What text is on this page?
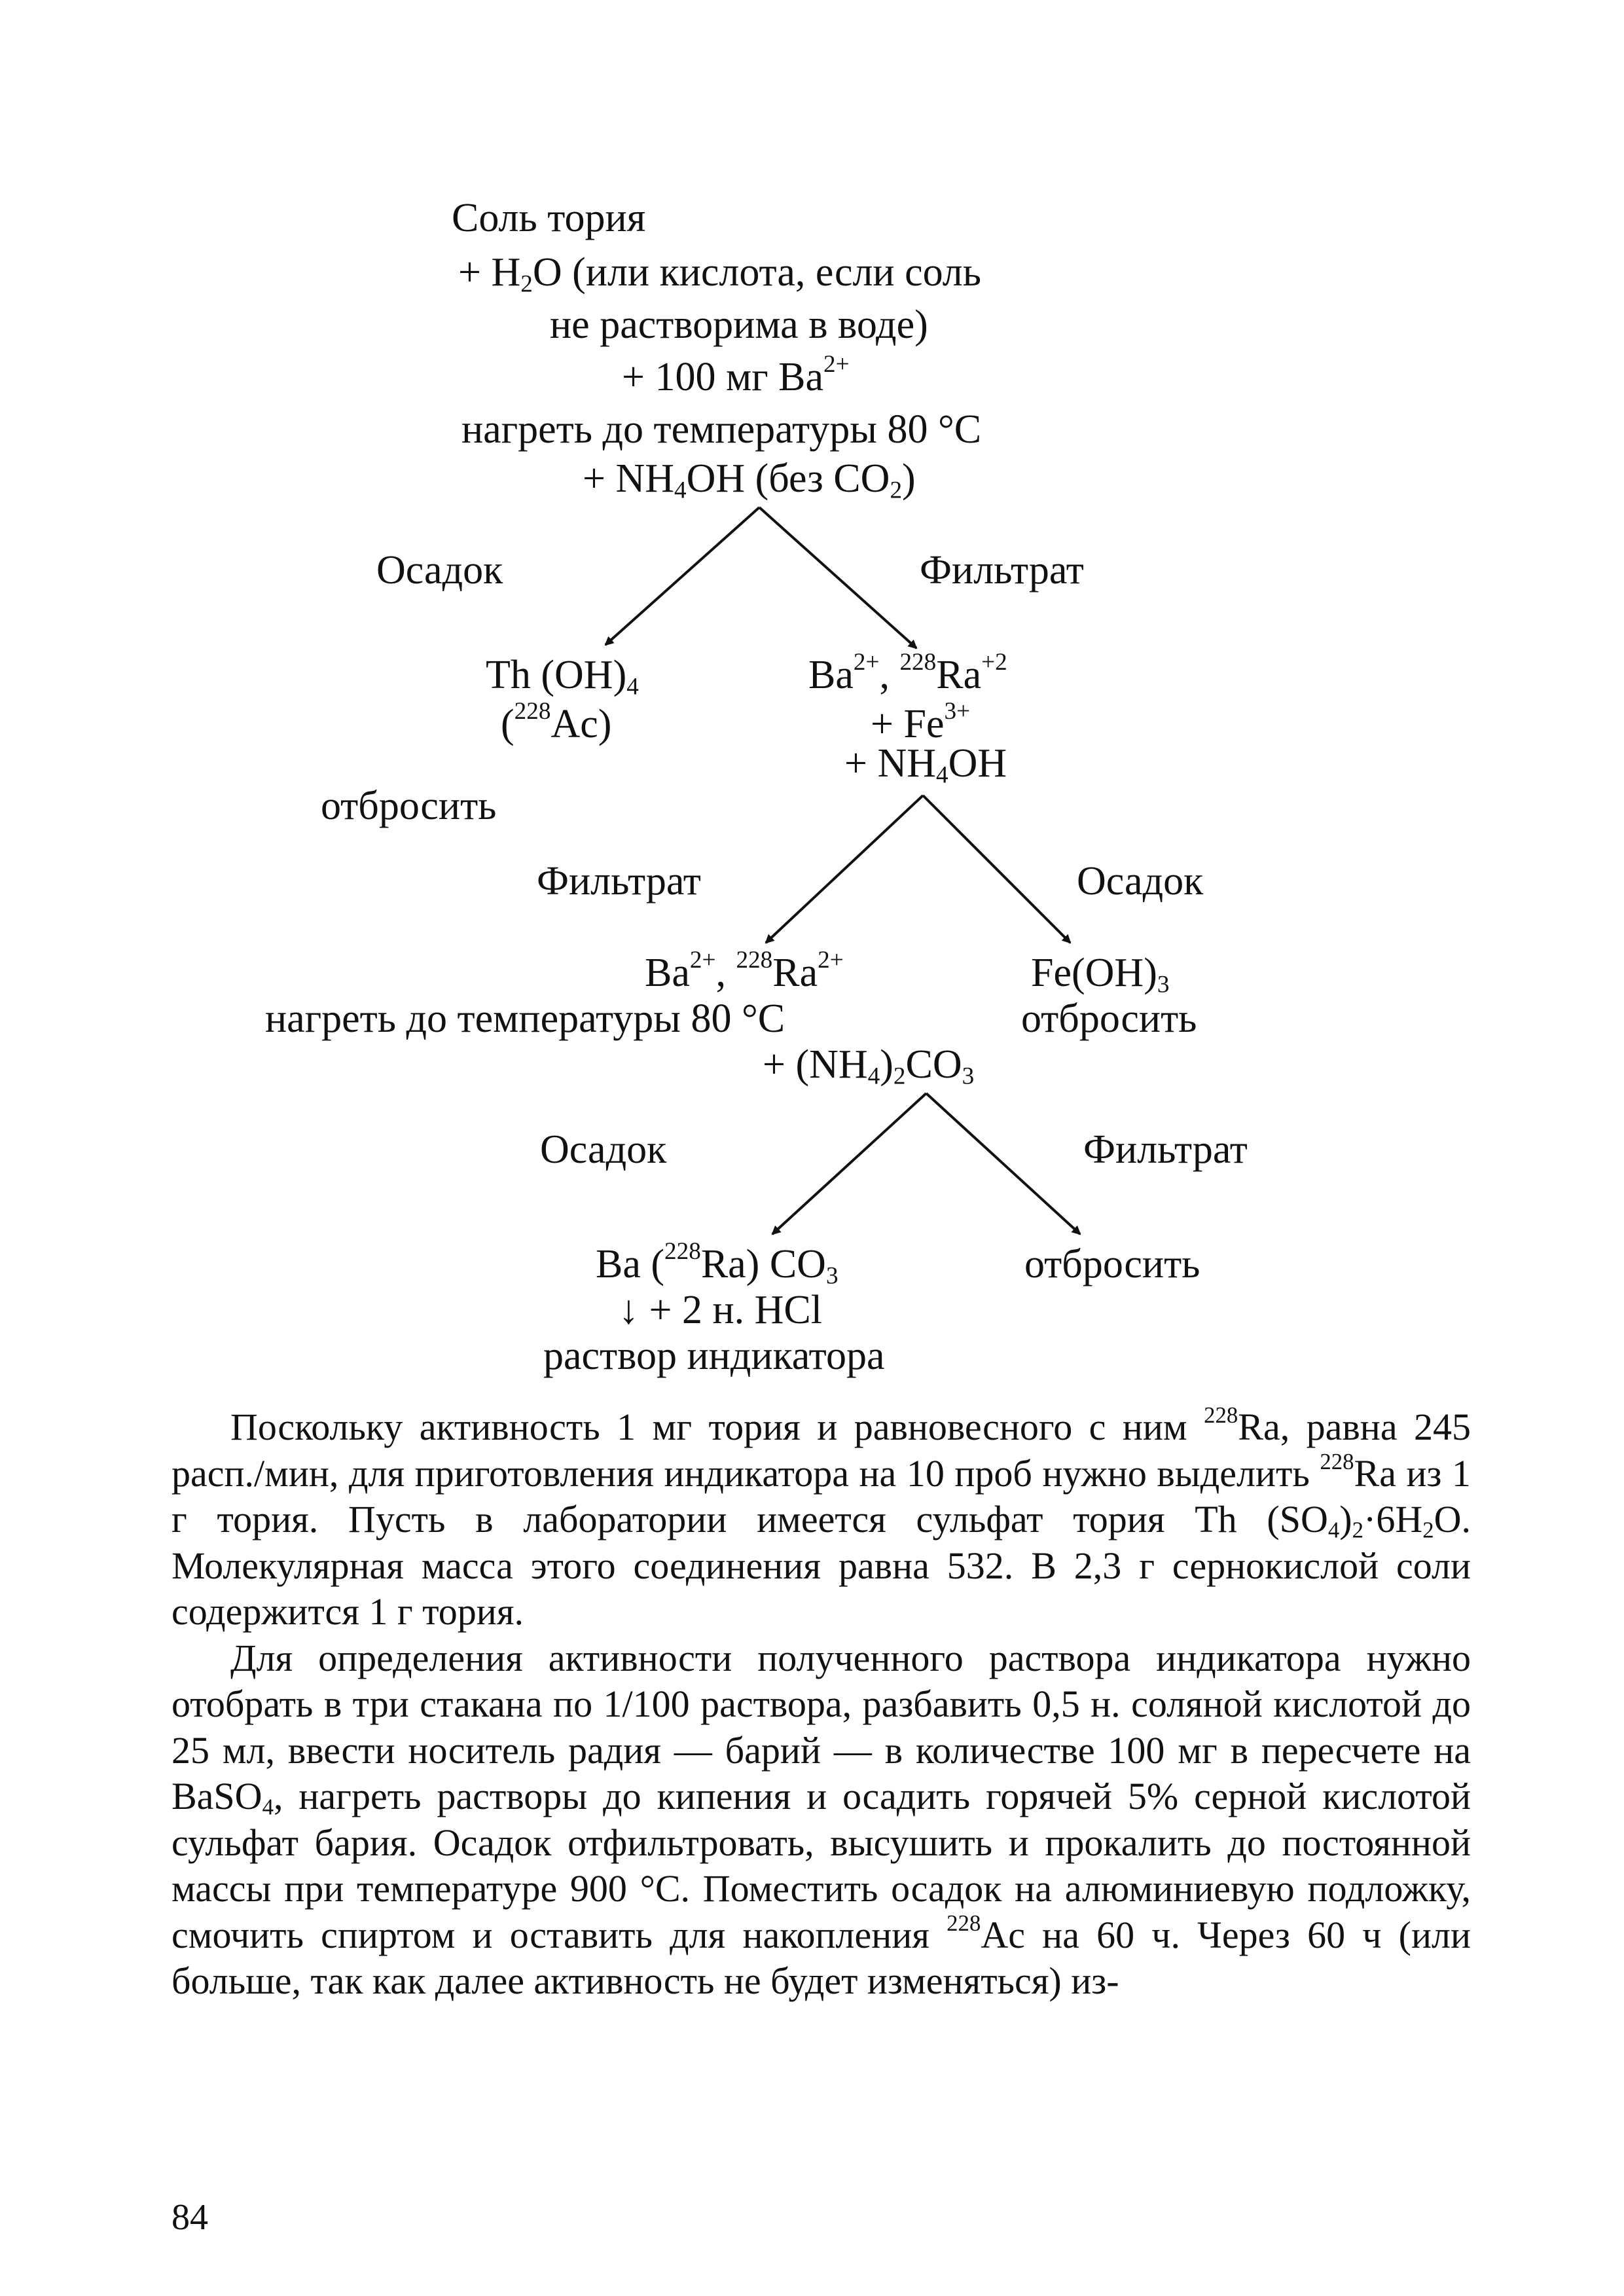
Соль тория
+ $H_2O$ (или кислота, если соль
не растворима в воде)
+ 100 мг $Ba^{2+}$
нагреть до температуры 80 °C
+ $NH_4OH$ (без $CO_2$)
Осадок	Фильтрат
Th $(OH)_4$
($^{228}$Ac)
отбросить
$Ba^{2+}$, $^{228}Ra^{+2}$
+ $Fe^{3+}$
+ $NH_4OH$
Фильтрат	Осадок
$Ba^{2+}$, $^{228}Ra^{2+}$
нагреть до температуры 80 °C
+ $(NH_4)_2CO_3$
$Fe(OH)_3$
отбросить
Осадок	Фильтрат
Ba ($^{228}$Ra) $CO_3$
↓ + 2 н. HCl
раствор индикатора
отбросить

Поскольку активность 1 мг тория и равновесного с ним $^{228}$Ra, равна 245 расп./мин, для приготовления индикатора на 10 проб нужно выделить $^{228}$Ra из 1 г тория. Пусть в лаборатории имеется сульфат тория Th $(SO_4)_2\cdot 6H_2O$. Молекулярная масса этого соединения равна 532. В 2,3 г сернокислой соли содержится 1 г тория.

Для определения активности полученного раствора индикатора нужно отобрать в три стакана по 1/100 раствора, разбавить 0,5 н. соляной кислотой до 25 мл, ввести носитель радия — барий — в количестве 100 мг в пересчете на BaSO$_4$, нагреть растворы до кипения и осадить горячей 5% серной кислотой сульфат бария. Осадок отфильтровать, высушить и прокалить до постоянной массы при температуре 900 °C. Поместить осадок на алюминиевую подложку, смочить спиртом и оставить для накопления $^{228}$Ac на 60 ч. Через 60 ч (или больше, так как далее активность не будет изменяться) из-

84
